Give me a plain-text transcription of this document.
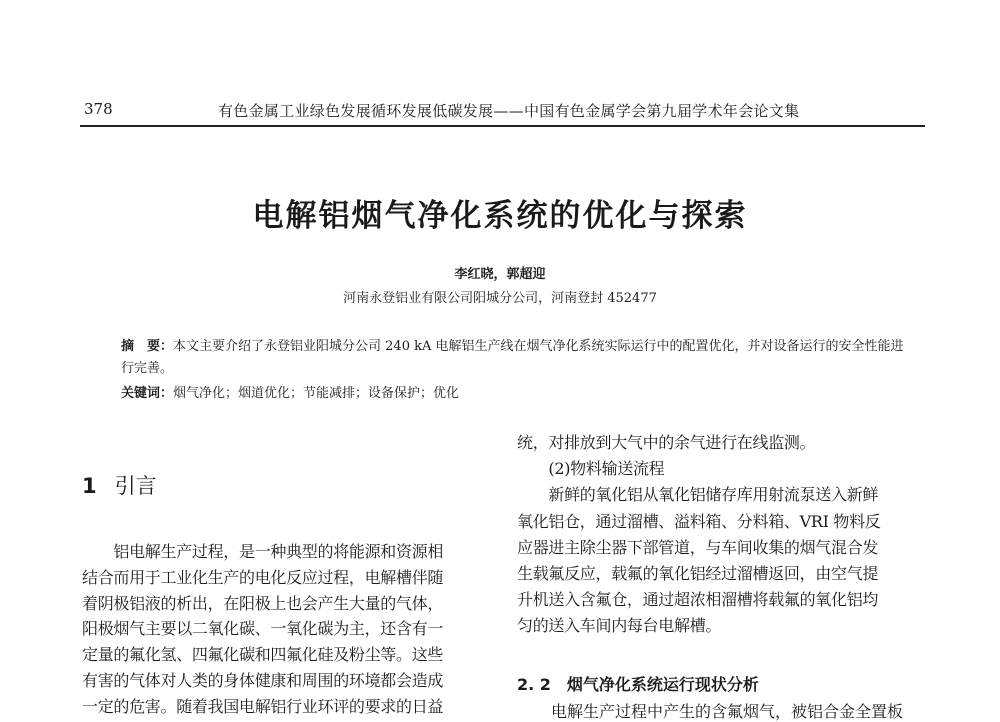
378	有色金属工业绿色发展循环发展低碳发展——中国有色金属学会第九届学术年会论文集
电解铝烟气净化系统的优化与探索
李红晓，郭超迎
河南永登铝业有限公司阳城分公司，河南登封 452477
摘　要：本文主要介绍了永登铝业阳城分公司 240 kA 电解铝生产线在烟气净化系统实际运行中的配置优化，并对设备运行的安全性能进行完善。
关键词：烟气净化；烟道优化；节能减排；设备保护；优化
1 引言

　　铝电解生产过程，是一种典型的将能源和资源相

结合而用于工业化生产的电化反应过程，电解槽伴随

着阴极铝液的析出，在阳极上也会产生大量的气体，

阳极烟气主要以二氧化碳、一氧化碳为主，还含有一

定量的氟化氢、四氟化碳和四氟化硅及粉尘等。这些

有害的气体对人类的身体健康和周围的环境都会造成

一定的危害。随着我国电解铝行业环评的要求的日益

统，对排放到大气中的余气进行在线监测。

　　(2)物料输送流程

　　新鲜的氧化铝从氧化铝储存库用射流泵送入新鲜

氧化铝仓，通过溜槽、溢料箱、分料箱、VRI 物料反

应器进主除尘器下部管道，与车间收集的烟气混合发

生载氟反应，载氟的氧化铝经过溜槽返回，由空气提

升机送入含氟仓，通过超浓相溜槽将载氟的氧化铝均

匀的送入车间内每台电解槽。

2. 2 烟气净化系统运行现状分析
电解生产过程中产生的含氟烟气，被铝合金全置板
